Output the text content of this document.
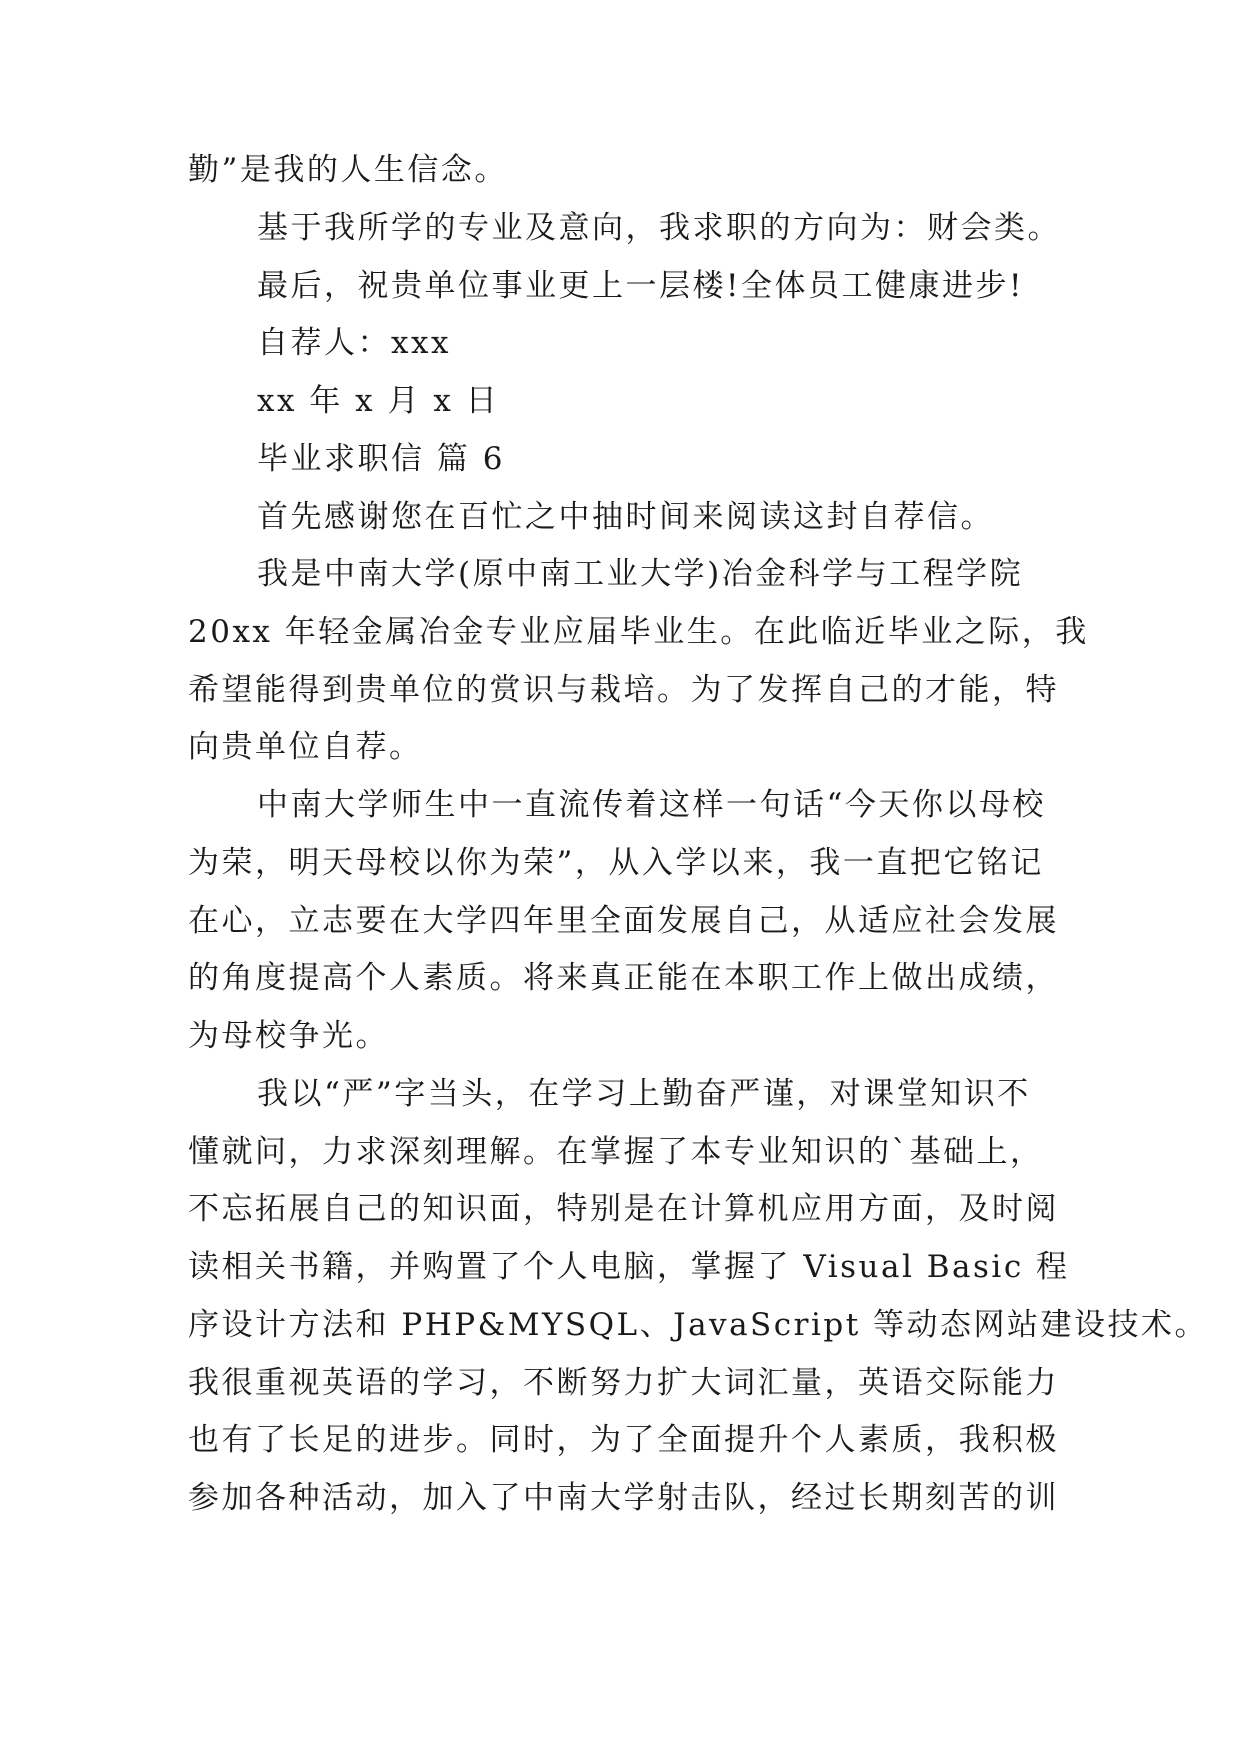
勤”是我的人生信念。
基于我所学的专业及意向，我求职的方向为：财会类。
最后，祝贵单位事业更上一层楼!全体员工健康进步!
自荐人：xxx
xx 年 x 月 x 日
毕业求职信 篇 6
首先感谢您在百忙之中抽时间来阅读这封自荐信。
我是中南大学(原中南工业大学)冶金科学与工程学院
20xx 年轻金属冶金专业应届毕业生。在此临近毕业之际，我
希望能得到贵单位的赏识与栽培。为了发挥自己的才能，特
向贵单位自荐。
中南大学师生中一直流传着这样一句话“今天你以母校
为荣，明天母校以你为荣”，从入学以来，我一直把它铭记
在心，立志要在大学四年里全面发展自己，从适应社会发展
的角度提高个人素质。将来真正能在本职工作上做出成绩，
为母校争光。
我以“严”字当头，在学习上勤奋严谨，对课堂知识不
懂就问，力求深刻理解。在掌握了本专业知识的`基础上，
不忘拓展自己的知识面，特别是在计算机应用方面，及时阅
读相关书籍，并购置了个人电脑，掌握了 Visual Basic 程
序设计方法和 PHP&MYSQL、JavaScript 等动态网站建设技术。
我很重视英语的学习，不断努力扩大词汇量，英语交际能力
也有了长足的进步。同时，为了全面提升个人素质，我积极
参加各种活动，加入了中南大学射击队，经过长期刻苦的训
